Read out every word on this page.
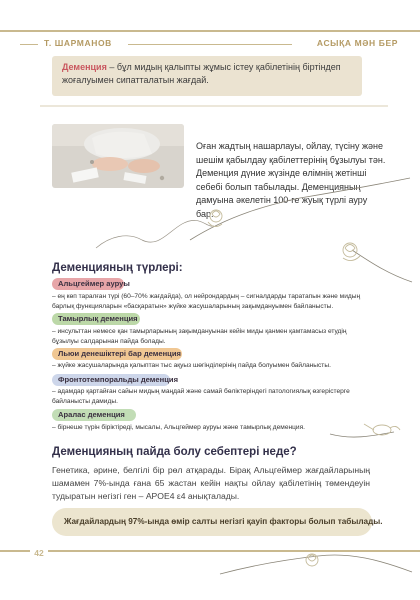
Т. ШАРМАНОВ	АСЫҚА МӘН БЕР
Деменция – бұл мидың қалыпты жұмыс істеу қабілетінің біртіндеп жоғалуымен сипатталатын жағдай.
Оған жадтың нашарлауы, ойлау, түсіну және шешім қабылдау қабілеттерінің бұзылуы тән. Деменция дүние жүзінде өлімнің жетінші себебі болып табылады. Деменцияның дамуына әкелетін 100-ге жуық түрлі ауру бар.
Деменцияның түрлері:
Альцгеймер ауруы
– ең көп таралған түрі (60–70% жағдайда), ол нейрондардың – сигналдарды таратапын және мидың барлық функцияларын «басқаратын» жүйке жасушаларының зақымдануымен байланысты.
Тамырлық деменция
– инсульттан немесе қан тамырларының зақымдануынан кейін миды қанмен қамтамасыз етудің бұзылуы салдарынан пайда болады.
Льюи денешіктері бар деменция
– жүйке жасушаларында қалыптан тыс ақуыз шөгінділерінің пайда болуымен байланысты.
Фронтотемпоральды деменция
– адамдар қартайған сайын мидың маңдай және самай бөліктеріндегі патологиялық өзгерістерге байланысты дамиды.
Аралас деменция
– бірнеше түрін біріктіреді, мысалы, Альцгеймер ауруы және тамырлық деменция.
Деменцияның пайда болу себептері неде?
Генетика, әрине, белгілі бір рөл атқарады. Бірақ Альцгеймер жағдайларының шамамен 7%-ында ғана 65 жастан кейін нақты ойлау қабілетінің төмендеуін тудыратын негізгі ген – APOE4 ε4 анықталады.
Жағдайлардың 97%-ында өмір салты негізгі қауіп факторы болып табылады.
42
